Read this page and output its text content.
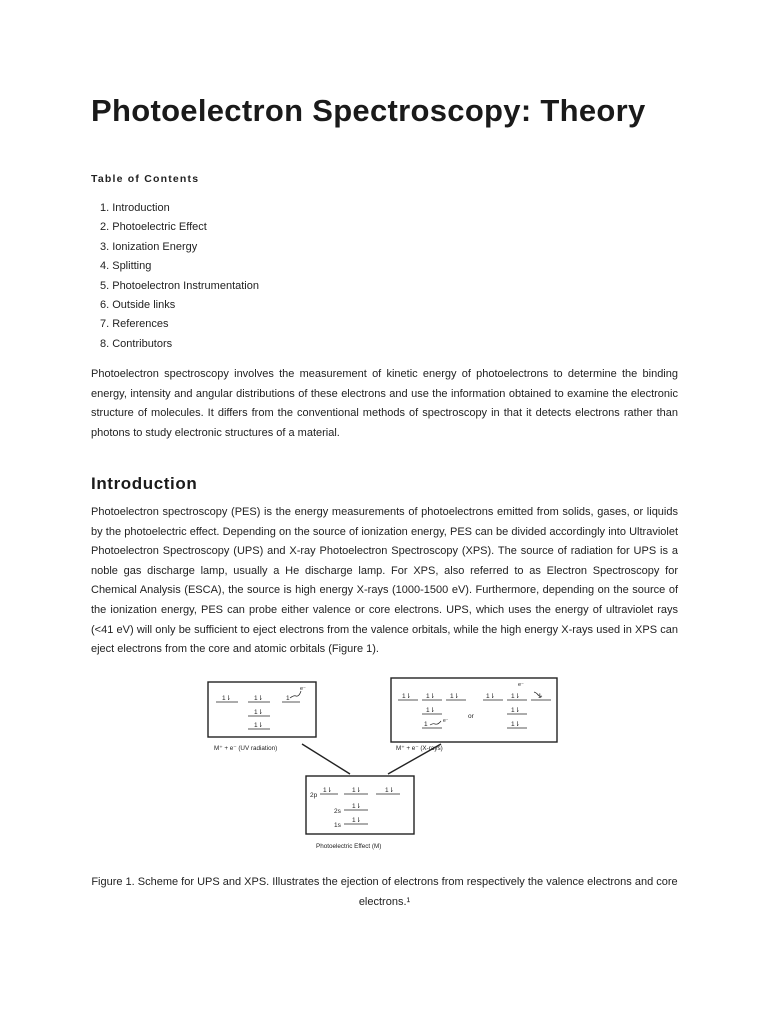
Photoelectron Spectroscopy: Theory
Table of Contents
1. Introduction
2. Photoelectric Effect
3. Ionization Energy
4. Splitting
5. Photoelectron Instrumentation
6. Outside links
7. References
8. Contributors

Photoelectron spectroscopy involves the measurement of kinetic energy of photoelectrons to determine the binding energy, intensity and angular distributions of these electrons and use the information obtained to examine the electronic structure of molecules. It differs from the conventional methods of spectroscopy in that it detects electrons rather than photons to study electronic structures of a material.

Introduction

Photoelectron spectroscopy (PES) is the energy measurements of photoelectrons emitted from solids, gases, or liquids by the photoelectric effect. Depending on the source of ionization energy, PES can be divided accordingly into Ultraviolet Photoelectron Spectroscopy (UPS) and X-ray Photoelectron Spectroscopy (XPS). The source of radiation for UPS is a noble gas discharge lamp, usually a He discharge lamp. For XPS, also referred to as Electron Spectroscopy for Chemical Analysis (ESCA), the source is high energy X-rays (1000-1500 eV). Furthermore, depending on the source of the ionization energy, PES can probe either valence or core electrons. UPS, which uses the energy of ultraviolet rays (<41 eV) will only be sufficient to eject electrons from the valence orbitals, while the high energy X-rays used in XPS can eject electrons from the core and atomic orbitals (Figure 1).

1⇂	1⇂	1
1⇂
1⇂
e⁻
1⇂ 1⇂ 1⇂
1⇂
1
1⇂ 1⇂	1
1⇂
1⇂
or
e⁻
e⁻
2p
2s
1s
1⇂	1⇂	1⇂
1⇂
1⇂
M⁺ + e⁻ (UV radiation)	M⁺ + e⁻ (X-rays)
Photoelectric Effect (M)

Figure 1. Scheme for UPS and XPS. Illustrates the ejection of electrons from respectively the valence electrons and core electrons.¹
